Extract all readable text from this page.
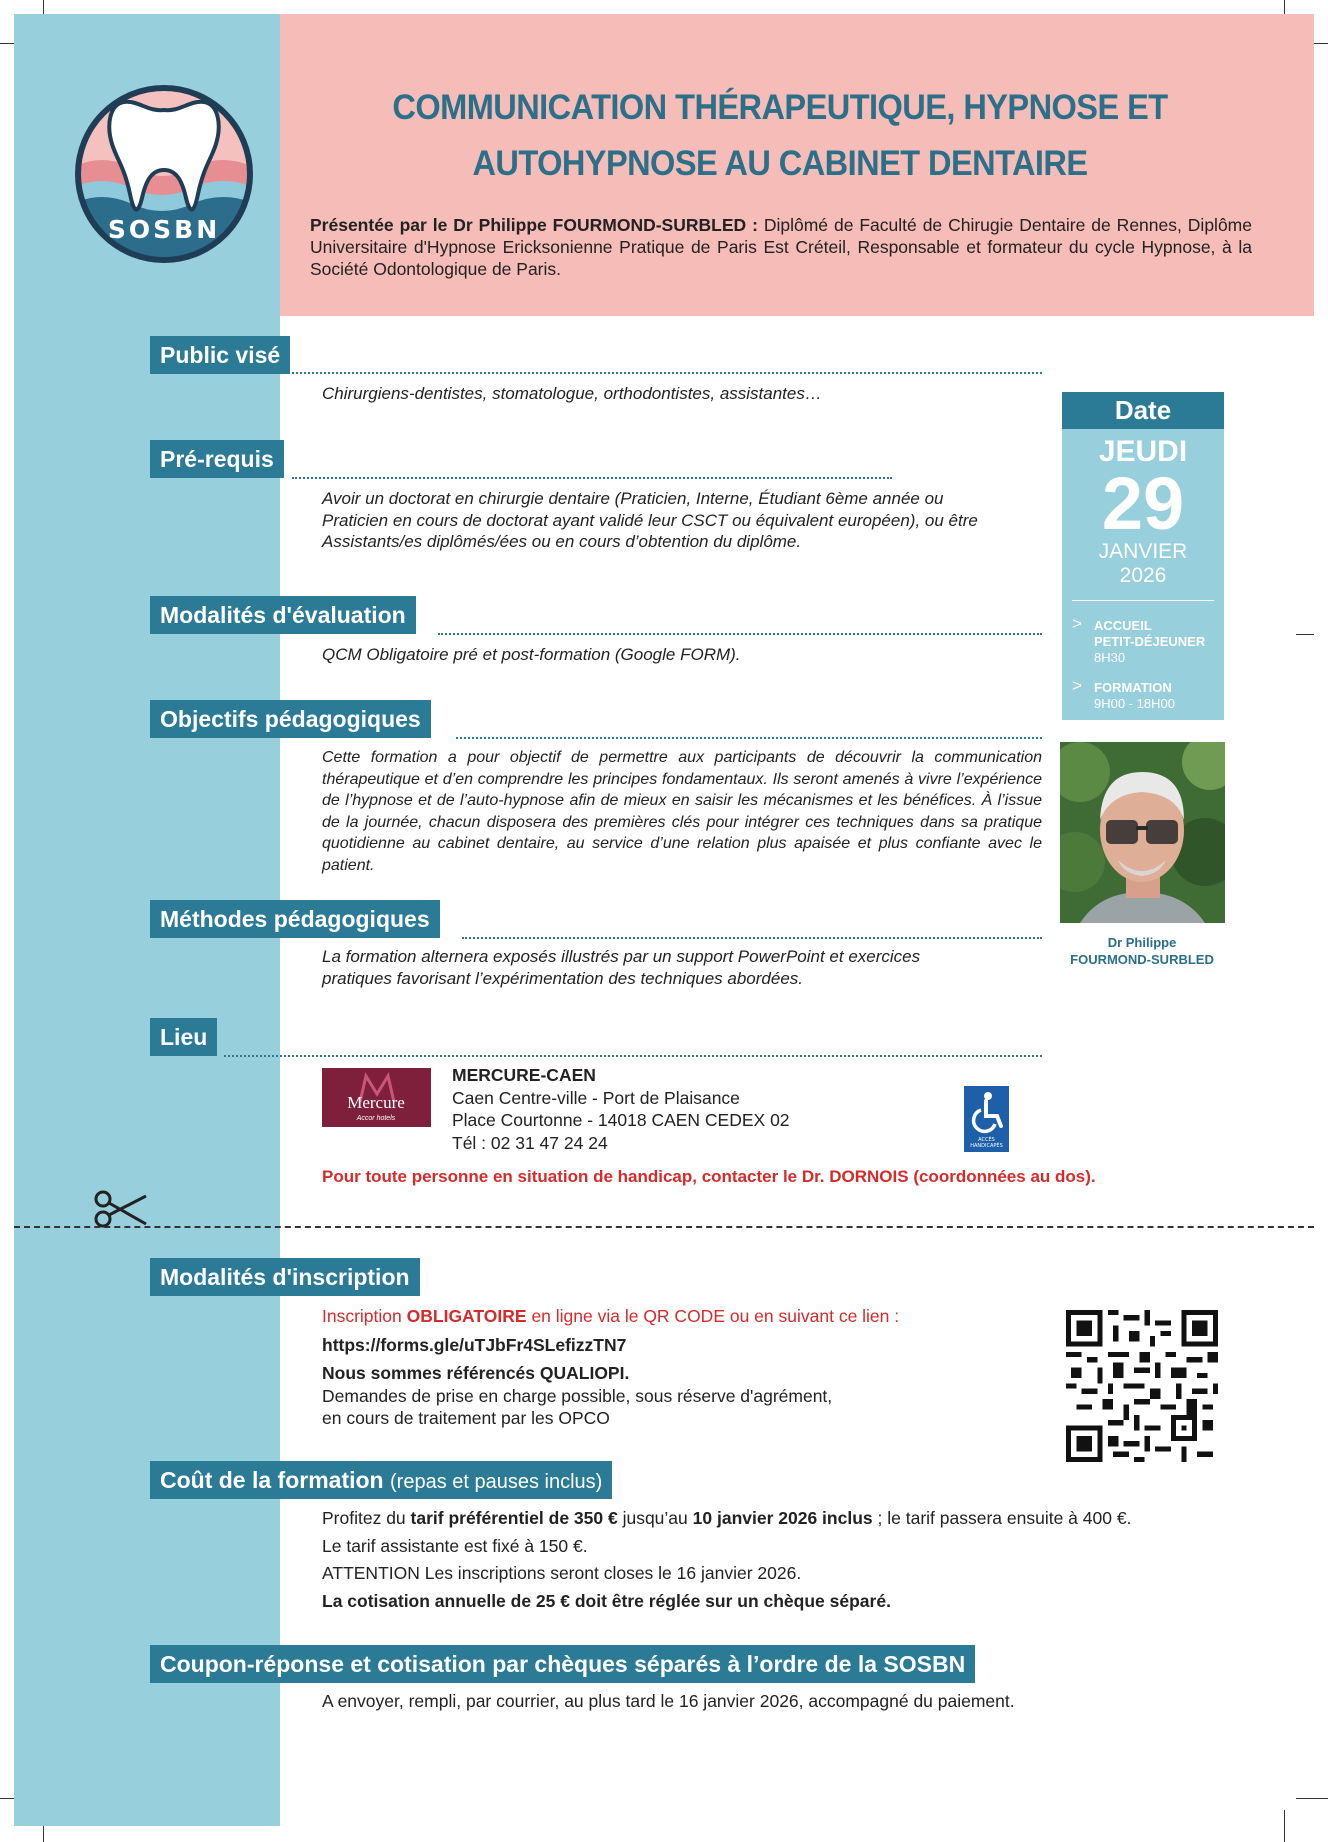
SOSBN
COMMUNICATION THÉRAPEUTIQUE, HYPNOSE ET
AUTOHYPNOSE AU CABINET DENTAIRE
Présentée par le Dr Philippe FOURMOND-SURBLED : Diplômé de Faculté de Chirugie Dentaire de Rennes, Diplôme Universitaire d'Hypnose Ericksonienne Pratique de Paris Est Créteil, Responsable et formateur du cycle Hypnose, à la Société Odontologique de Paris.
Public visé
Chirurgiens-dentistes, stomatologue, orthodontistes, assistantes…
Pré-requis
Avoir un doctorat en chirurgie dentaire (Praticien, Interne, Étudiant 6ème année ou
Praticien en cours de doctorat ayant validé leur CSCT ou équivalent européen), ou être
Assistants/es diplômés/ées ou en cours d’obtention du diplôme.
Modalités d'évaluation
QCM Obligatoire pré et post-formation (Google FORM).
Objectifs pédagogiques
Cette formation a pour objectif de permettre aux participants de découvrir la communication thérapeutique et d’en comprendre les principes fondamentaux. Ils seront amenés à vivre l’expérience de l’hypnose et de l’auto-hypnose afin de mieux en saisir les mécanismes et les bénéfices. À l’issue de la journée, chacun disposera des premières clés pour intégrer ces techniques dans sa pratique quotidienne au cabinet dentaire, au service d’une relation plus apaisée et plus confiante avec le patient.
Méthodes pédagogiques
La formation alternera exposés illustrés par un support PowerPoint et exercices
pratiques favorisant l’expérimentation des techniques abordées.
Lieu
Mercure
Accor hotels
MERCURE-CAEN
Caen Centre-ville - Port de Plaisance
Place Courtonne - 14018 CAEN CEDEX 02
Tél : 02 31 47 24 24	ACCÈS
HANDICAPÉS
Pour toute personne en situation de handicap, contacter le Dr. DORNOIS (coordonnées au dos).
Date
JEUDI
29
JANVIER
2026
> ACCUEIL
PETIT-DÉJEUNER
8H30
> FORMATION
9H00 - 18H00
Dr Philippe
FOURMOND-SURBLED
Modalités d'inscription
Inscription OBLIGATOIRE en ligne via le QR CODE ou en suivant ce lien :
https://forms.gle/uTJbFr4SLefizzTN7
Nous sommes référencés QUALIOPI.
Demandes de prise en charge possible, sous réserve d'agrément,
en cours de traitement par les OPCO
Coût de la formation (repas et pauses inclus)
Profitez du tarif préférentiel de 350 € jusqu’au 10 janvier 2026 inclus ; le tarif passera ensuite à 400 €.
Le tarif assistante est fixé à 150 €.
ATTENTION Les inscriptions seront closes le 16 janvier 2026.
La cotisation annuelle de 25 € doit être réglée sur un chèque séparé.
Coupon-réponse et cotisation par chèques séparés à l’ordre de la SOSBN
A envoyer, rempli, par courrier, au plus tard le 16 janvier 2026, accompagné du paiement.
